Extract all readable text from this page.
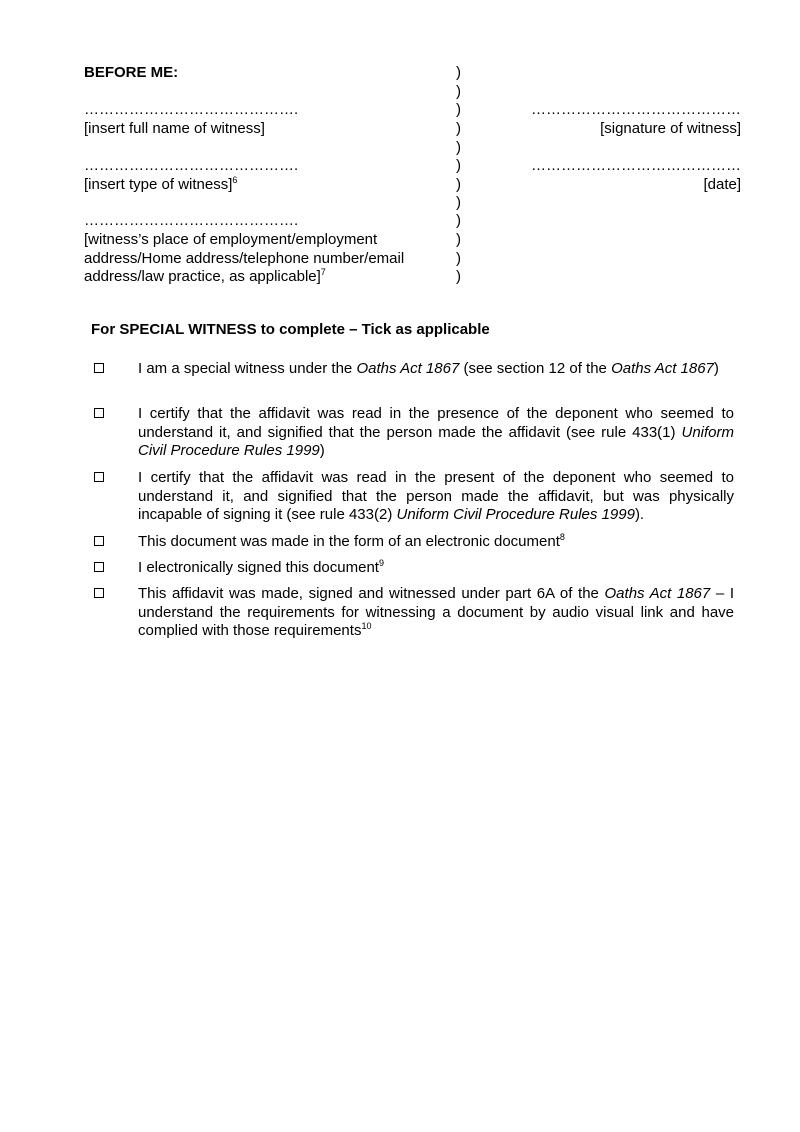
BEFORE ME:
…………………………………….
[insert full name of witness]
…………………………………….
[insert type of witness]$^6$
…………………………………….
[witness’s place of employment/employment
address/Home address/telephone number/email
address/law practice, as applicable]$^7$
)
)
)
)
)
)
)
)
)
)
)
)
……………………………………
[signature of witness]
……………………………………
[date]
For SPECIAL WITNESS to complete – Tick as applicable
I am a special witness under the Oaths Act 1867 (see section 12 of the Oaths Act 1867)
I certify that the affidavit was read in the presence of the deponent who seemed to understand it, and signified that the person made the affidavit (see rule 433(1) Uniform Civil Procedure Rules 1999)
I certify that the affidavit was read in the present of the deponent who seemed to understand it, and signified that the person made the affidavit, but was physically incapable of signing it (see rule 433(2) Uniform Civil Procedure Rules 1999).
This document was made in the form of an electronic document$^8$
I electronically signed this document$^9$
This affidavit was made, signed and witnessed under part 6A of the Oaths Act 1867 – I understand the requirements for witnessing a document by audio visual link and have complied with those requirements$^{10}$
